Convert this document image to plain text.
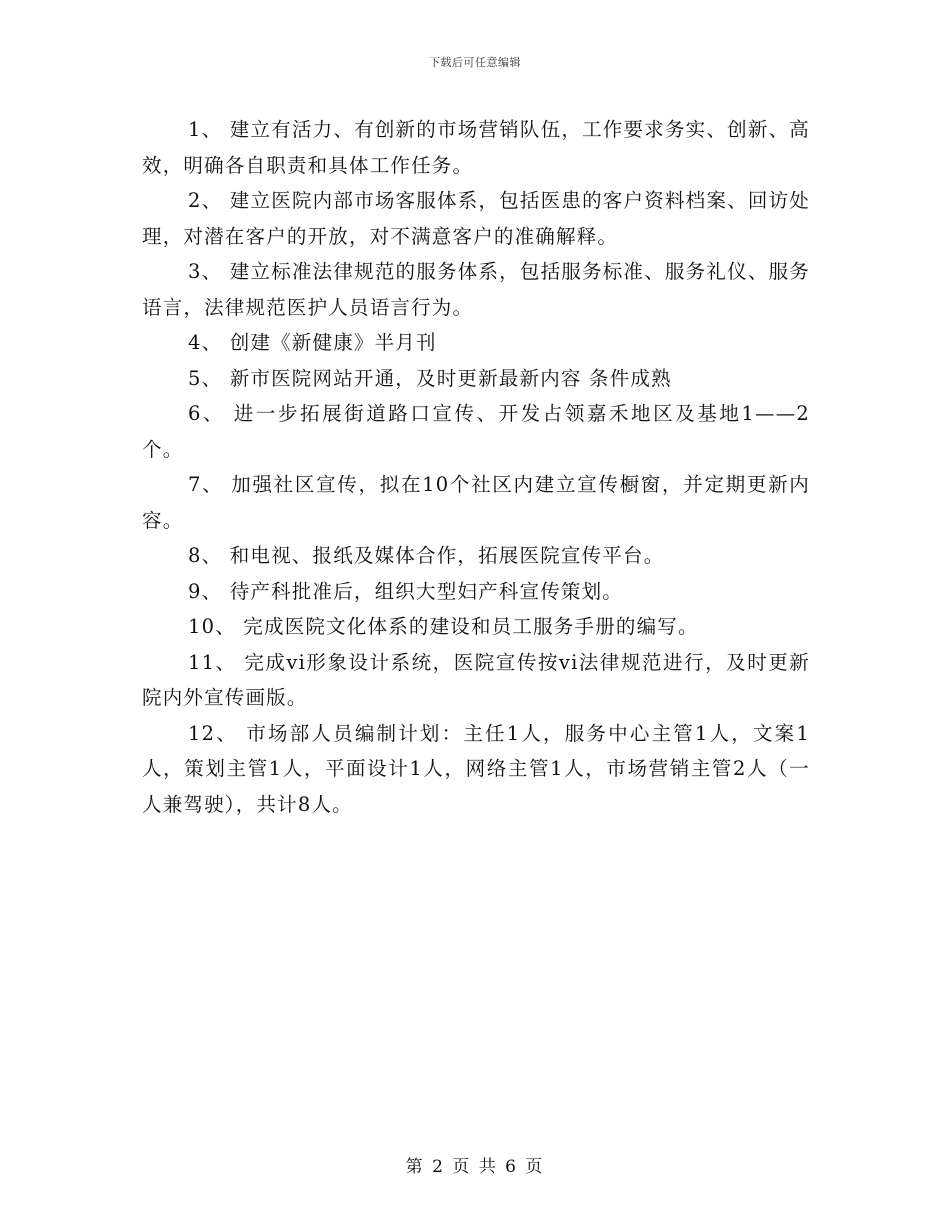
下载后可任意编辑

1、 建立有活力、有创新的市场营销队伍，工作要求务实、创新、高效，明确各自职责和具体工作任务。

2、 建立医院内部市场客服体系，包括医患的客户资料档案、回访处理，对潜在客户的开放，对不满意客户的准确解释。

3、 建立标准法律规范的服务体系，包括服务标准、服务礼仪、服务语言，法律规范医护人员语言行为。

4、 创建《新健康》半月刊

5、 新市医院网站开通，及时更新最新内容 条件成熟

6、 进一步拓展街道路口宣传、开发占领嘉禾地区及基地1——2个。

7、 加强社区宣传，拟在10个社区内建立宣传橱窗，并定期更新内容。

8、 和电视、报纸及媒体合作，拓展医院宣传平台。

9、 待产科批准后，组织大型妇产科宣传策划。

10、 完成医院文化体系的建设和员工服务手册的编写。

11、 完成vi形象设计系统，医院宣传按vi法律规范进行，及时更新院内外宣传画版。

12、 市场部人员编制计划：主任1人，服务中心主管1人，文案1人，策划主管1人，平面设计1人，网络主管1人，市场营销主管2人（一人兼驾驶），共计8人。

第 2 页 共 6 页
